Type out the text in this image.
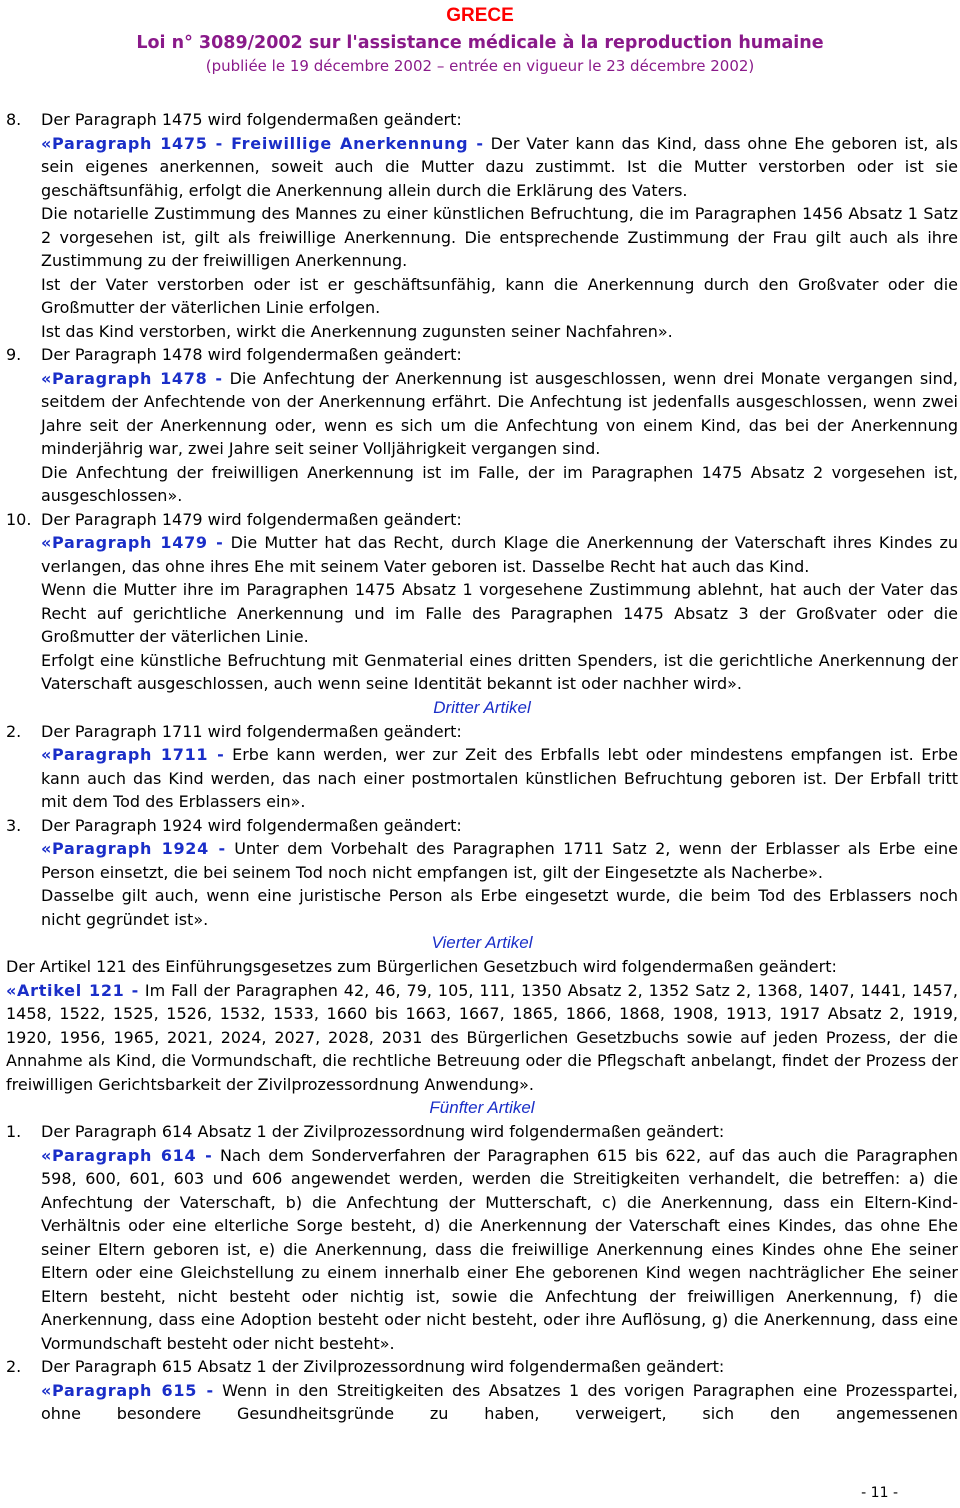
GRECE
Loi n° 3089/2002 sur l'assistance médicale à la reproduction humaine
(publiée le 19 décembre 2002 – entrée en vigueur le 23 décembre 2002)
8. Der Paragraph 1475 wird folgendermaßen geändert:

«Paragraph 1475 - Freiwillige Anerkennung - Der Vater kann das Kind, dass ohne Ehe geboren ist, als sein eigenes anerkennen, soweit auch die Mutter dazu zustimmt. Ist die Mutter verstorben oder ist sie geschäftsunfähig, erfolgt die Anerkennung allein durch die Erklärung des Vaters.

Die notarielle Zustimmung des Mannes zu einer künstlichen Befruchtung, die im Paragraphen 1456 Absatz 1 Satz 2 vorgesehen ist, gilt als freiwillige Anerkennung. Die entsprechende Zustimmung der Frau gilt auch als ihre Zustimmung zu der freiwilligen Anerkennung.

Ist der Vater verstorben oder ist er geschäftsunfähig, kann die Anerkennung durch den Großvater oder die Großmutter der väterlichen Linie erfolgen.

Ist das Kind verstorben, wirkt die Anerkennung zugunsten seiner Nachfahren».

9. Der Paragraph 1478 wird folgendermaßen geändert:

«Paragraph 1478 - Die Anfechtung der Anerkennung ist ausgeschlossen, wenn drei Monate vergangen sind, seitdem der Anfechtende von der Anerkennung erfährt. Die Anfechtung ist jedenfalls ausgeschlossen, wenn zwei Jahre seit der Anerkennung oder, wenn es sich um die Anfechtung von einem Kind, das bei der Anerkennung minderjährig war, zwei Jahre seit seiner Volljährigkeit vergangen sind.

Die Anfechtung der freiwilligen Anerkennung ist im Falle, der im Paragraphen 1475 Absatz 2 vorgesehen ist, ausgeschlossen».

10. Der Paragraph 1479 wird folgendermaßen geändert:

«Paragraph 1479 - Die Mutter hat das Recht, durch Klage die Anerkennung der Vaterschaft ihres Kindes zu verlangen, das ohne ihres Ehe mit seinem Vater geboren ist. Dasselbe Recht hat auch das Kind.

Wenn die Mutter ihre im Paragraphen 1475 Absatz 1 vorgesehene Zustimmung ablehnt, hat auch der Vater das Recht auf gerichtliche Anerkennung und im Falle des Paragraphen 1475 Absatz 3 der Großvater oder die Großmutter der väterlichen Linie.

Erfolgt eine künstliche Befruchtung mit Genmaterial eines dritten Spenders, ist die gerichtliche Anerkennung der Vaterschaft ausgeschlossen, auch wenn seine Identität bekannt ist oder nachher wird».

Dritter Artikel
2. Der Paragraph 1711 wird folgendermaßen geändert:

«Paragraph 1711 - Erbe kann werden, wer zur Zeit des Erbfalls lebt oder mindestens empfangen ist. Erbe kann auch das Kind werden, das nach einer postmortalen künstlichen Befruchtung geboren ist. Der Erbfall tritt mit dem Tod des Erblassers ein».

3. Der Paragraph 1924 wird folgendermaßen geändert:

«Paragraph 1924 - Unter dem Vorbehalt des Paragraphen 1711 Satz 2, wenn der Erblasser als Erbe eine Person einsetzt, die bei seinem Tod noch nicht empfangen ist, gilt der Eingesetzte als Nacherbe».

Dasselbe gilt auch, wenn eine juristische Person als Erbe eingesetzt wurde, die beim Tod des Erblassers noch nicht gegründet ist».

Vierter Artikel

Der Artikel 121 des Einführungsgesetzes zum Bürgerlichen Gesetzbuch wird folgendermaßen geändert:

«Artikel 121 - Im Fall der Paragraphen 42, 46, 79, 105, 111, 1350 Absatz 2, 1352 Satz 2, 1368, 1407, 1441, 1457, 1458, 1522, 1525, 1526, 1532, 1533, 1660 bis 1663, 1667, 1865, 1866, 1868, 1908, 1913, 1917 Absatz 2, 1919, 1920, 1956, 1965, 2021, 2024, 2027, 2028, 2031 des Bürgerlichen Gesetzbuchs sowie auf jeden Prozess, der die Annahme als Kind, die Vormundschaft, die rechtliche Betreuung oder die Pflegschaft anbelangt, findet der Prozess der freiwilligen Gerichtsbarkeit der Zivilprozessordnung Anwendung».

Fünfter Artikel
1. Der Paragraph 614 Absatz 1 der Zivilprozessordnung wird folgendermaßen geändert:

«Paragraph 614 - Nach dem Sonderverfahren der Paragraphen 615 bis 622, auf das auch die Paragraphen 598, 600, 601, 603 und 606 angewendet werden, werden die Streitigkeiten verhandelt, die betreffen: a) die Anfechtung der Vaterschaft, b) die Anfechtung der Mutterschaft, c) die Anerkennung, dass ein Eltern-Kind-Verhältnis oder eine elterliche Sorge besteht, d) die Anerkennung der Vaterschaft eines Kindes, das ohne Ehe seiner Eltern geboren ist, e) die Anerkennung, dass die freiwillige Anerkennung eines Kindes ohne Ehe seiner Eltern oder eine Gleichstellung zu einem innerhalb einer Ehe geborenen Kind wegen nachträglicher Ehe seiner Eltern besteht, nicht besteht oder nichtig ist, sowie die Anfechtung der freiwilligen Anerkennung, f) die Anerkennung, dass eine Adoption besteht oder nicht besteht, oder ihre Auflösung, g) die Anerkennung, dass eine Vormundschaft besteht oder nicht besteht».

2. Der Paragraph 615 Absatz 1 der Zivilprozessordnung wird folgendermaßen geändert:

«Paragraph 615 - Wenn in den Streitigkeiten des Absatzes 1 des vorigen Paragraphen eine Prozesspartei, ohne besondere Gesundheitsgründe zu haben, verweigert, sich den angemessenen

- 11 -
